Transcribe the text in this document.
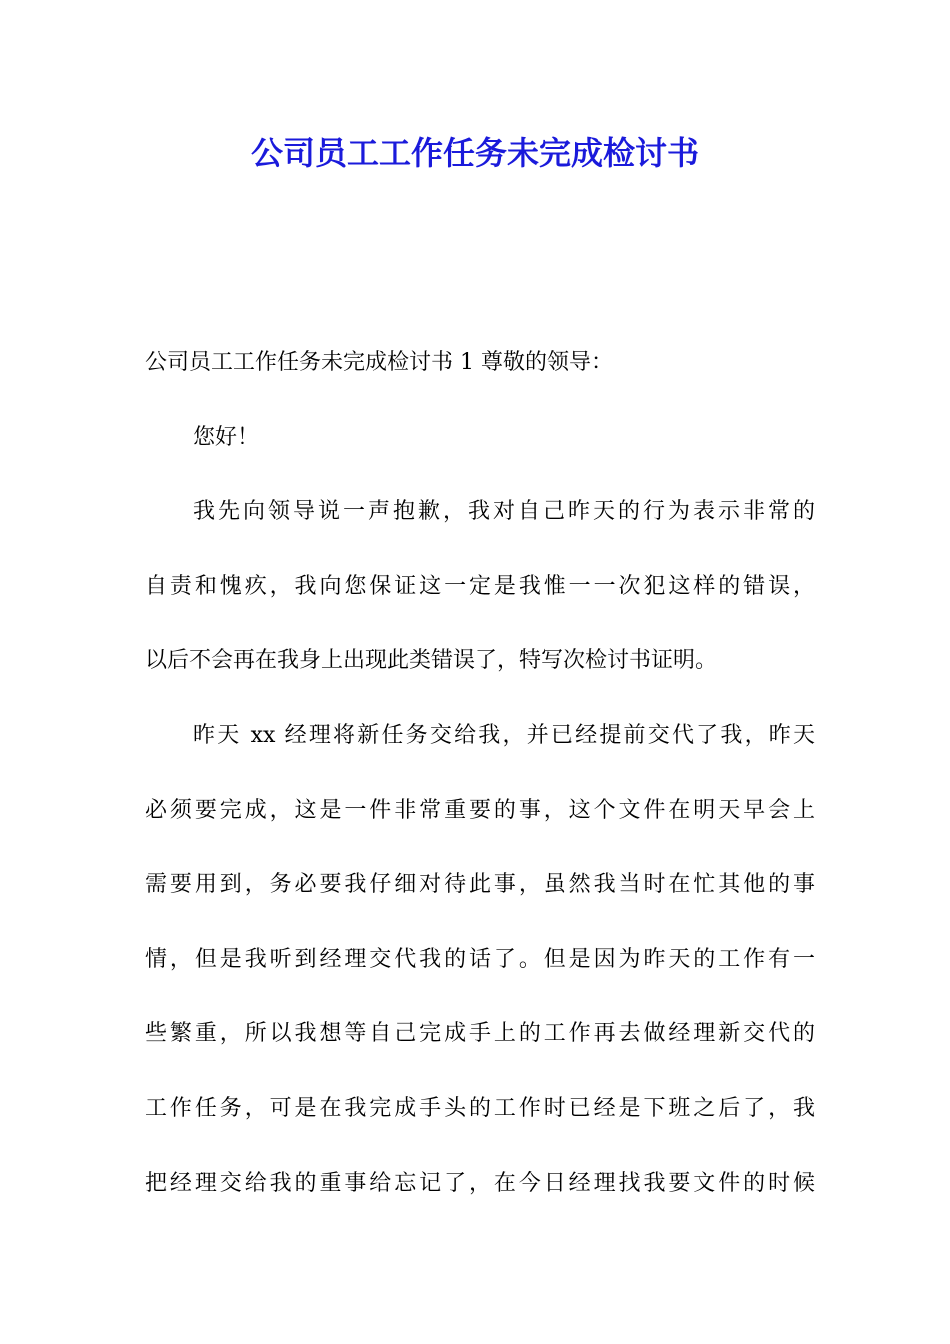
公司员工工作任务未完成检讨书
公司员工工作任务未完成检讨书 1 尊敬的领导：
您好！
我先向领导说一声抱歉，我对自己昨天的行为表示非常的
自责和愧疚，我向您保证这一定是我惟一一次犯这样的错误，
以后不会再在我身上出现此类错误了，特写次检讨书证明。
昨天 xx 经理将新任务交给我，并已经提前交代了我，昨天
必须要完成，这是一件非常重要的事，这个文件在明天早会上
需要用到，务必要我仔细对待此事，虽然我当时在忙其他的事
情，但是我听到经理交代我的话了。但是因为昨天的工作有一
些繁重，所以我想等自己完成手上的工作再去做经理新交代的
工作任务，可是在我完成手头的工作时已经是下班之后了，我
把经理交给我的重事给忘记了，在今日经理找我要文件的时候
